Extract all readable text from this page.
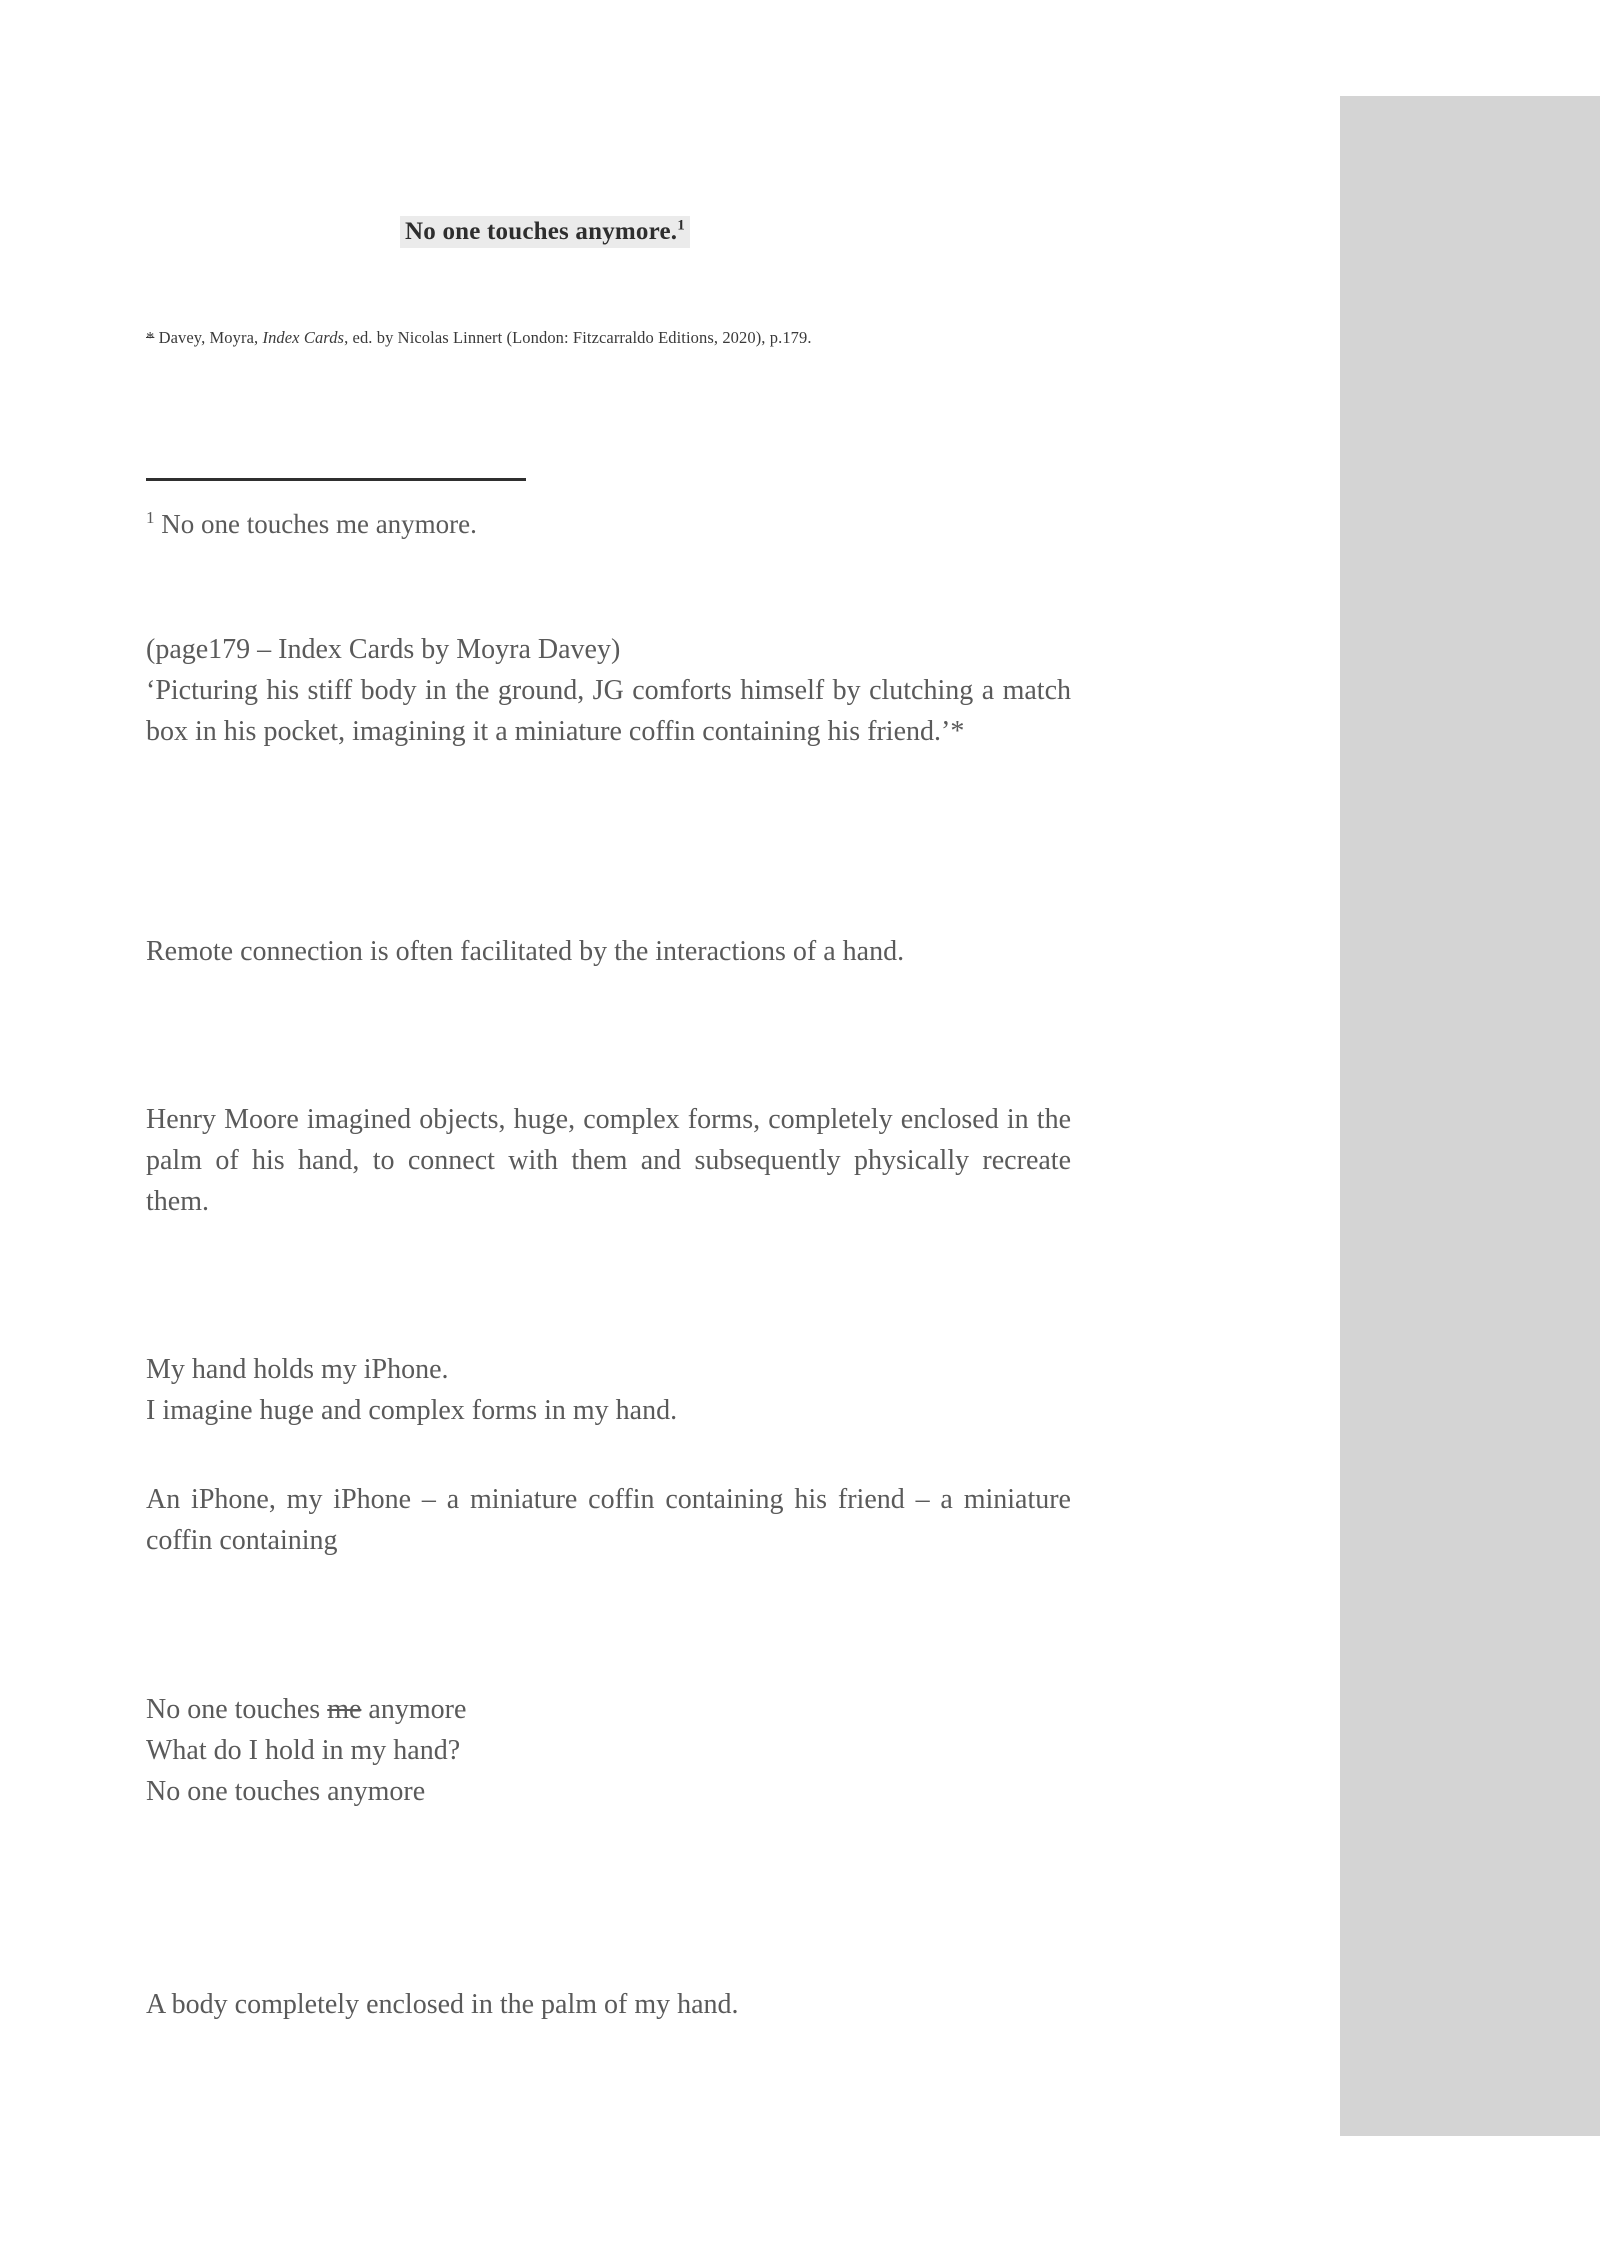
No one touches anymore.$^1$
* Davey, Moyra, Index Cards, ed. by Nicolas Linnert (London: Fitzcarraldo Editions, 2020), p.179.
$^1$ No one touches me anymore.

(page179 – Index Cards by Moyra Davey)

‘Picturing his stiff body in the ground, JG comforts himself by clutching a match box in his pocket, imagining it a miniature coffin containing his friend.’*

Remote connection is often facilitated by the interactions of a hand.

Henry Moore imagined objects, huge, complex forms, completely enclosed in the palm of his hand, to connect with them and subsequently physically recreate them.

My hand holds my iPhone.

I imagine huge and complex forms in my hand.

An iPhone, my iPhone – a miniature coffin containing his friend – a miniature coffin containing

No one touches me anymore

What do I hold in my hand?

No one touches anymore

A body completely enclosed in the palm of my hand.
